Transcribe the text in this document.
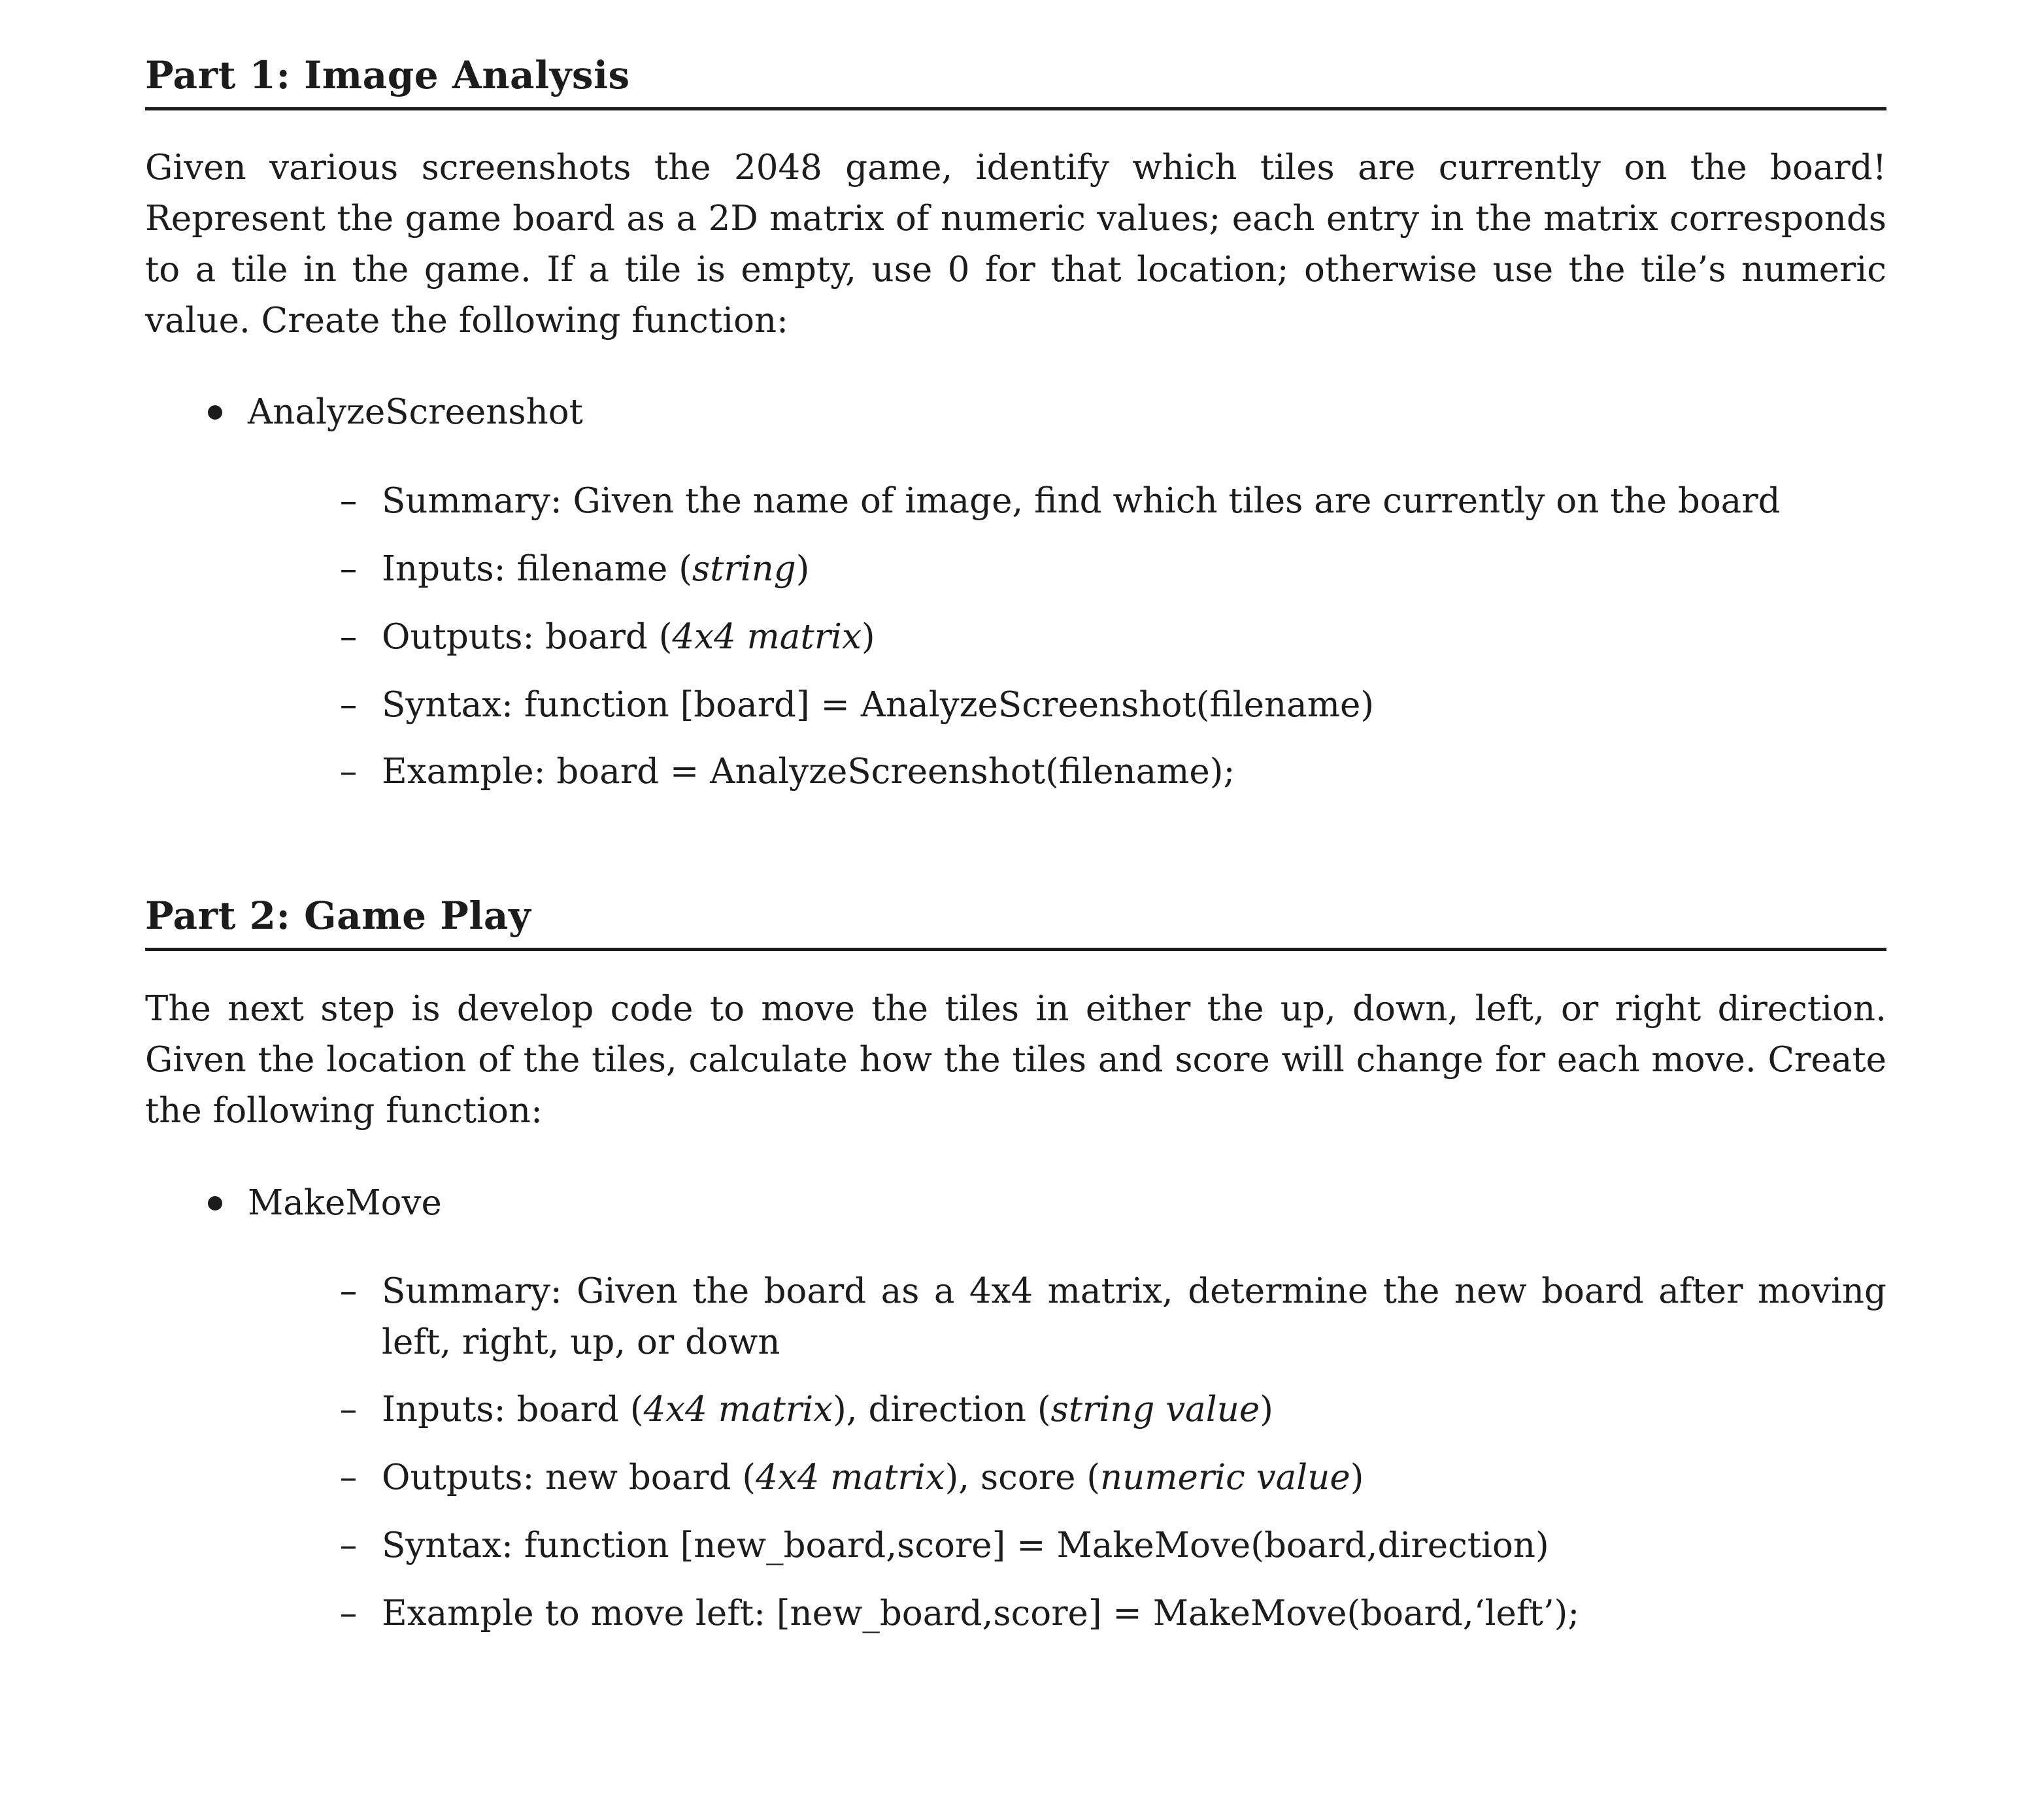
Part 1: Image Analysis

Given various screenshots the 2048 game, identify which tiles are currently on the board! Represent the game board as a 2D matrix of numeric values; each entry in the matrix corresponds to a tile in the game. If a tile is empty, use 0 for that location; otherwise use the tile’s numeric value. Create the following function:

AnalyzeScreenshot
– Summary: Given the name of image, find which tiles are currently on the board
– Inputs: filename (string)
– Outputs: board (4x4 matrix)
– Syntax: function [board] = AnalyzeScreenshot(filename)
– Example: board = AnalyzeScreenshot(filename);
Part 2: Game Play

The next step is develop code to move the tiles in either the up, down, left, or right direction. Given the location of the tiles, calculate how the tiles and score will change for each move. Create the following function:

MakeMove
– Summary: Given the board as a 4x4 matrix, determine the new board after moving left, right, up, or down
– Inputs: board (4x4 matrix), direction (string value)
– Outputs: new board (4x4 matrix), score (numeric value)
– Syntax: function [new_board,score] = MakeMove(board,direction)
– Example to move left: [new_board,score] = MakeMove(board,‘left’);
